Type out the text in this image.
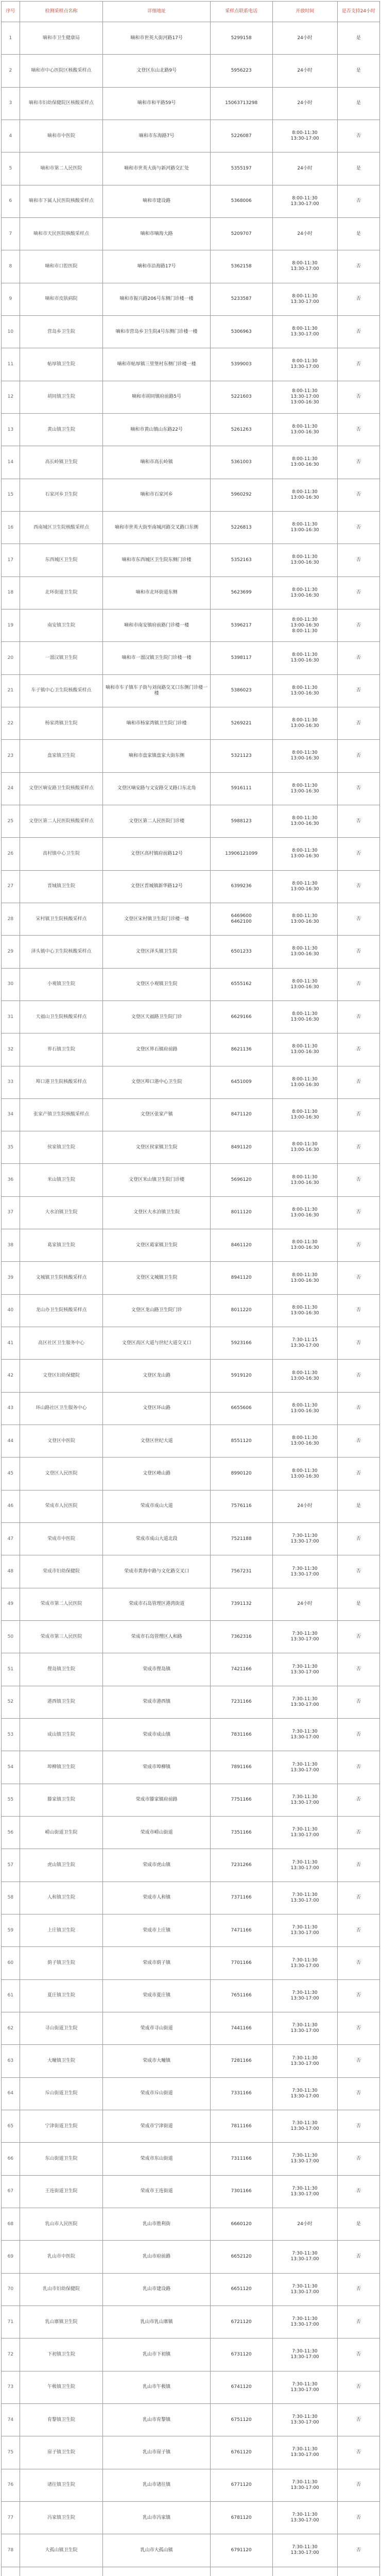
序号	检测采样点名称	详细地址	采样点联系电话	开放时间	是否支持24小时
1	嘀和市卫生健康局	嘀和市世英大街河路17号	5299158	24小时	是
2	嘀和市中心医院区核酸采样点	文登区东山北路9号	5956223	24小时	是
3	嘀和市妇幼保健院区核酸采样点	嘀和市和平路59号	15063713298	24小时	是
4	嘀和市中医院	嘀和市东海路7号	5226087	8:00-11:30
13:30-17:00	否
5	嘀和市第二人民医院	嘀和市世英大街与新河路交汇处	5355197	24小时	是
6	嘀和市下属人民医院核酸采样点	嘀和市建设路	5368006	8:00-11:30
13:30-17:00	否
7	嘀和市天民医院核酸采样点	嘀和市嘀海大路	5209707	24小时	是
8	嘀和市口腔医院	嘀和市沿海路17号	5362158	8:00-11:30
13:30-17:00	否
9	嘀和市皮肤病院	嘀和市振兴路206号东侧门诊楼一楼	5233587	8:00-11:30
13:30-17:00	否
10	营岛乡卫生院	嘀和市营岛乡卫生院4号东侧门诊楼一楼	5306963	8:00-11:30
13:30-17:00	否
11	帖厚镇卫生院	嘀和市帖厚镇三里堡村东侧门诊楼一楼	5399003	8:00-11:30
13:30-17:00	否
12	胡同镇卫生院	嘀和市胡同镇府前路5号	5221603	8:00-11:30
13:30-17:00
13:00-16:30	否
13	黄山镇卫生院	嘀和市黄山镇山东路22号	5261263	8:00-11:30
13:00-16:30	否
14	高长岭镇卫生院	嘀和市高长岭镇	5361003	8:00-11:30
13:00-16:30	否
15	石家河乡卫生院	嘀和市石家河乡	5960292	8:00-11:30
13:00-16:30	否
16	西南城区卫生院核酸采样点	嘀和市世英大街至南城河路交叉路口东侧	5226813	8:00-11:30
13:00-16:30	否
17	东西城区卫生院	嘀和市东西城区卫生院东侧门诊楼	5352163	8:00-11:30
13:00-16:30	否
18	北环街道卫生院	嘀和市北环街道东侧	5623699	8:00-11:30
13:00-16:30	否
19	南安镇卫生院	嘀和市南安镇府前路门诊楼一楼	5396217	8:00-11:30
13:00-16:30
8:00-11:30	否
20	一溜汉镇卫生院	嘀和市一溜汉镇卫生院门诊楼一楼	5398117	8:00-11:30
13:00-16:30	否
21	车子镇中心卫生院核酸采样点	嘀和市车子镇车子街与刘岗路交叉口东侧门诊楼一楼	5386023	8:00-11:30
13:00-16:30	否
22	杨家湾镇卫生院	嘀和市杨家湾镇卫生院门诊楼	5269221	8:00-11:30
13:00-16:30	否
23	盘家镇卫生院	嘀和市盘家镇盘家大街东侧	5321123	8:00-11:30
13:00-16:30	否
24	文登区嘀安路卫生院核酸采样点	文登区嘀安路与文安路交叉路口东北角	5916111	8:00-11:30
13:00-16:30	否
25	文登区第二人民医院核酸采样点	文登区第二人民医院门诊楼	5988123	8:00-11:30
13:00-16:30	否
26	高村镇中心卫生院	文登区高村镇府前路12号	13906121099	8:00-11:30
13:00-16:30	否
27	晋城镇卫生院	文登区晋城镇新华路12号	6399236	8:00-11:30
13:00-16:30	否
28	宋村镇卫生院核酸采样点	文登区宋村镇卫生院门诊楼一楼	6469600
6462100	8:00-11:30
13:00-16:30	否
29	泽头镇中心卫生院核酸采样点	文登区泽头镇卫生院	6501233	8:00-11:30
13:00-16:30	否
30	小观镇卫生院	文登区小观镇卫生院	6555162	8:00-11:30
13:00-16:30	否
31	天福山卫生院核酸采样点	文登区天福路卫生院门诊	6629166	8:00-11:30
13:00-16:30	否
32	界石镇卫生院	文登区界石镇府前路	8621136	8:00-11:30
13:00-16:30	否
33	埠口港卫生院核酸采样点	文登区埠口港中心卫生院	6451009	8:00-11:30
13:00-16:30	否
34	张家产镇卫生院核酸采样点	文登区张家产镇	8471120	8:00-11:30
13:00-16:30	否
35	侯家镇卫生院	文登区侯家镇卫生院	8491120	8:00-11:30
13:00-16:30	否
36	米山镇卫生院	文登区米山镇卫生院门诊楼	5696120	8:00-11:30
13:00-16:30	否
37	大水泊镇卫生院	文登区大水泊镇卫生院	8011120	8:00-11:30
13:00-16:30	否
38	葛家镇卫生院	文登区葛家镇卫生院	8461120	8:00-11:30
13:00-16:30	否
39	文城镇卫生院核酸采样点	文登区文城镇卫生院	8941120	8:00-11:30
13:00-16:30	否
40	龙山办卫生院核酸采样点	文登区龙山路卫生院门诊	8011220	8:00-11:30
13:00-16:30	否
41	高区社区卫生服务中心	文登区高区大道与世纪大道交叉口	5923166	7:30-11:15
13:30-17:00	否
42	文登区妇幼保健院	文登区龙山路	5919120	8:00-11:30
13:00-16:30	否
43	环山路社区卫生服务中心	文登区环山路	6655606	8:00-11:30
13:00-16:30	否
44	文登区中医院	文登区世纪大道	8551120	8:00-11:30
13:00-16:30	否
45	文登区人民医院	文登区峰山路	8990120	8:00-11:30
13:00-16:30	否
46	荣成市人民医院	荣成市成山大道	7576116	24小时	是
47	荣成市中医院	荣成市成山大道北段	7521188	7:30-11:30
13:30-17:00	否
48	荣成市妇幼保健院	荣成市黄海中路与文化路交叉口	7567231	7:30-11:30
13:30-17:00	否
49	荣成市第二人民医院	荣成市石岛管理区港湾街道	7391132	24小时	是
50	荣成市第三人民医院	荣成市石岛管理区人和路	7362316	7:30-11:30
13:30-17:00	否
51	俚岛镇卫生院	荣成市俚岛镇	7421166	7:30-11:30
13:30-17:00	否
52	港西镇卫生院	荣成市港西镇	7231166	7:30-11:30
13:30-17:00	否
53	成山镇卫生院	荣成市成山镇	7831166	7:30-11:30
13:30-17:00	否
54	埠柳镇卫生院	荣成市埠柳镇	7891166	7:30-11:30
13:30-17:00	否
55	滕家镇卫生院	荣成市滕家镇府前路	7751166	7:30-11:30
13:30-17:00	否
56	崂山街道卫生院	荣成市崂山街道	7351166	7:30-11:30
13:30-17:00	否
57	虎山镇卫生院	荣成市虎山镇	7231266	7:30-11:30
13:30-17:00	否
58	人和镇卫生院	荣成市人和镇	7371166	7:30-11:30
13:30-17:00	否
59	上庄镇卫生院	荣成市上庄镇	7471166	7:30-11:30
13:30-17:00	否
60	荫子镇卫生院	荣成市荫子镇	7701166	7:30-11:30
13:30-17:00	否
61	夏庄镇卫生院	荣成市夏庄镇	7651166	7:30-11:30
13:30-17:00	否
62	寻山街道卫生院	荣成市寻山街道	7441166	7:30-11:30
13:30-17:00	否
63	大疃镇卫生院	荣成市大疃镇	7281166	7:30-11:30
13:30-17:00	否
64	斥山街道卫生院	荣成市斥山街道	7331166	7:30-11:30
13:30-17:00	否
65	宁津街道卫生院	荣成市宁津街道	7811166	7:30-11:30
13:30-17:00	否
66	东山街道卫生院	荣成市东山街道	7311166	7:30-11:30
13:30-17:00	否
67	王连街道卫生院	荣成市王连街道	7301166	7:30-11:30
13:30-17:00	否
68	乳山市人民医院	乳山市胜利街	6660120	24小时	是
69	乳山市中医院	乳山市府前路	6652120	7:30-11:30
13:30-17:00	否
70	乳山市妇幼保健院	乳山市建设路	6651120	7:30-11:30
13:30-17:00	否
71	乳山寨镇卫生院	乳山市乳山寨镇	6721120	7:30-11:30
13:30-17:00	否
72	下初镇卫生院	乳山市下初镇	6731120	7:30-11:30
13:30-17:00	否
73	午极镇卫生院	乳山市午极镇	6741120	7:30-11:30
13:30-17:00	否
74	育黎镇卫生院	乳山市育黎镇	6751120	7:30-11:30
13:30-17:00	否
75	崖子镇卫生院	乳山市崖子镇	6761120	7:30-11:30
13:30-17:00	否
76	诸往镇卫生院	乳山市诸往镇	6771120	7:30-11:30
13:30-17:00	否
77	冯家镇卫生院	乳山市冯家镇	6781120	7:30-11:30
13:30-17:00	否
78	大孤山镇卫生院	乳山市大孤山镇	6791120	7:30-11:30
13:30-17:00	否
